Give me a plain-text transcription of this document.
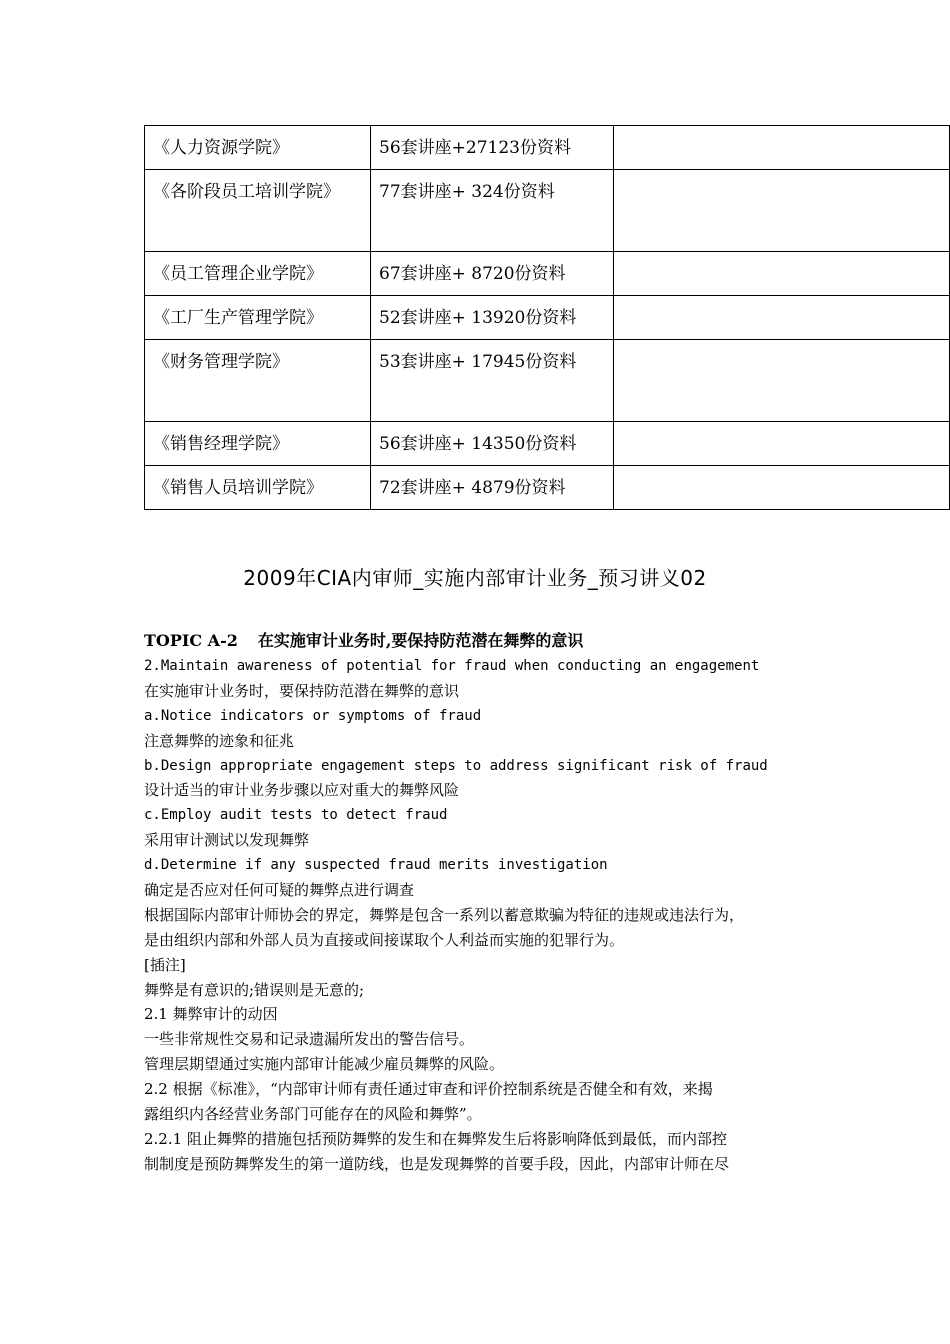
《人力资源学院》	56套讲座+27123份资料	
《各阶段员工培训学院》	77套讲座+ 324份资料	
《员工管理企业学院》	67套讲座+ 8720份资料	
《工厂生产管理学院》	52套讲座+ 13920份资料	
《财务管理学院》	53套讲座+ 17945份资料	
《销售经理学院》	56套讲座+ 14350份资料	
《销售人员培训学院》	72套讲座+ 4879份资料	
2009年CIA内审师_实施内部审计业务_预习讲义02
TOPIC A-2 在实施审计业务时,要保持防范潜在舞弊的意识
2.Maintain awareness of potential for fraud when conducting an engagement
在实施审计业务时，要保持防范潜在舞弊的意识
a.Notice indicators or symptoms of fraud
注意舞弊的迹象和征兆
b.Design appropriate engagement steps to address significant risk of fraud
设计适当的审计业务步骤以应对重大的舞弊风险
c.Employ audit tests to detect fraud
采用审计测试以发现舞弊
d.Determine if any suspected fraud merits investigation
确定是否应对任何可疑的舞弊点进行调查
根据国际内部审计师协会的界定，舞弊是包含一系列以蓄意欺骗为特征的违规或违法行为，
是由组织内部和外部人员为直接或间接谋取个人利益而实施的犯罪行为。
[插注]
舞弊是有意识的;错误则是无意的;
2.1 舞弊审计的动因
一些非常规性交易和记录遗漏所发出的警告信号。
管理层期望通过实施内部审计能减少雇员舞弊的风险。
2.2 根据《标准》，“内部审计师有责任通过审查和评价控制系统是否健全和有效，来揭
露组织内各经营业务部门可能存在的风险和舞弊”。
2.2.1 阻止舞弊的措施包括预防舞弊的发生和在舞弊发生后将影响降低到最低，而内部控
制制度是预防舞弊发生的第一道防线，也是发现舞弊的首要手段，因此，内部审计师在尽
